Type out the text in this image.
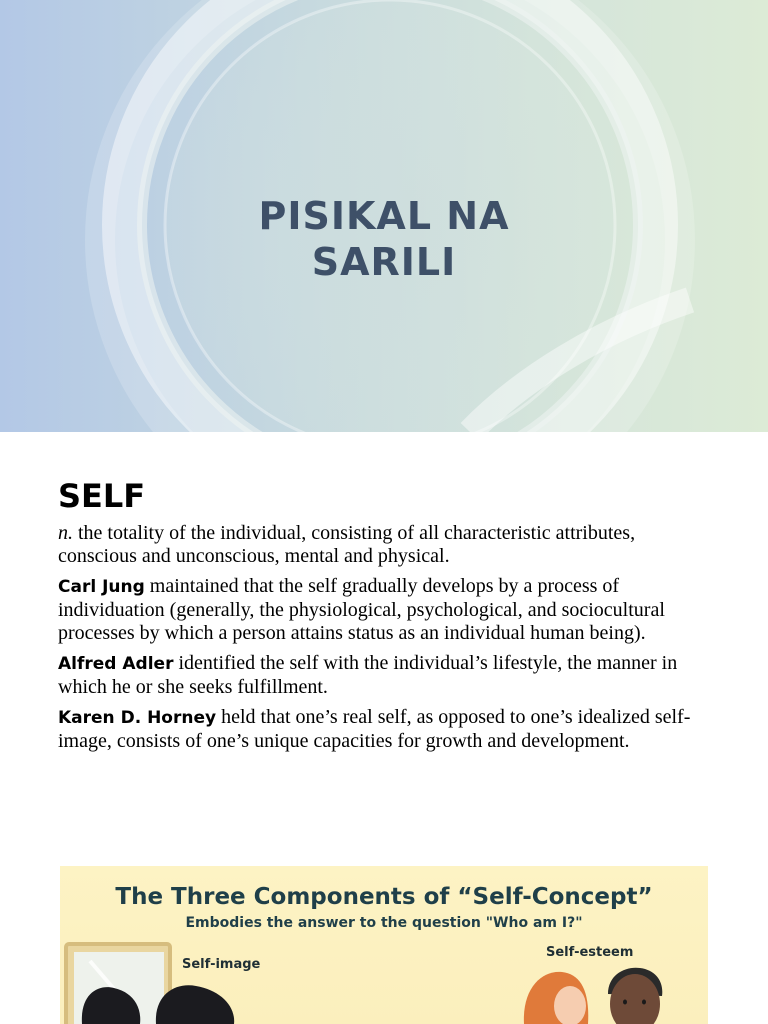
PISIKAL NA
SARILI
SELF

n. the totality of the individual, consisting of all characteristic attributes, conscious and unconscious, mental and physical.

Carl Jung maintained that the self gradually develops by a process of individuation (generally, the physiological, psychological, and sociocultural processes by which a person attains status as an individual human being).

Alfred Adler identified the self with the individual’s lifestyle, the manner in which he or she seeks fulfillment.

Karen D. Horney held that one’s real self, as opposed to one’s idealized self-image, consists of one’s unique capacities for growth and development.

The Three Components of “Self-Concept”
Embodies the answer to the question "Who am I?"
Self-image
Self-esteem
